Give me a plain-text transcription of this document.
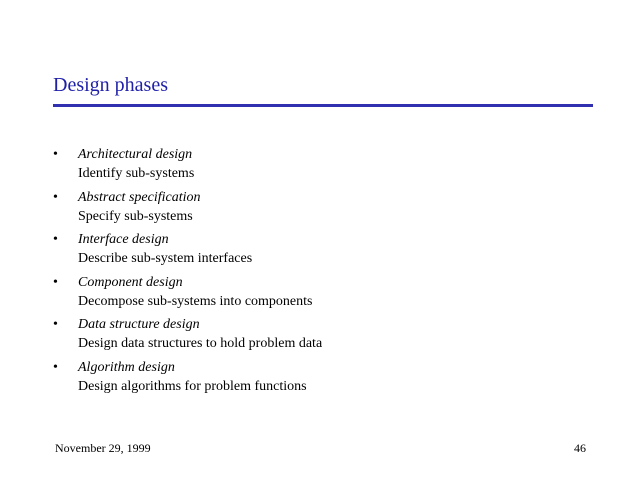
Design phases
• Architectural design
Identify sub-systems
• Abstract specification
Specify sub-systems
• Interface design
Describe sub-system interfaces
• Component design
Decompose sub-systems into components
• Data structure design
Design data structures to hold problem data
• Algorithm design
Design algorithms for problem functions
November 29, 1999	46
